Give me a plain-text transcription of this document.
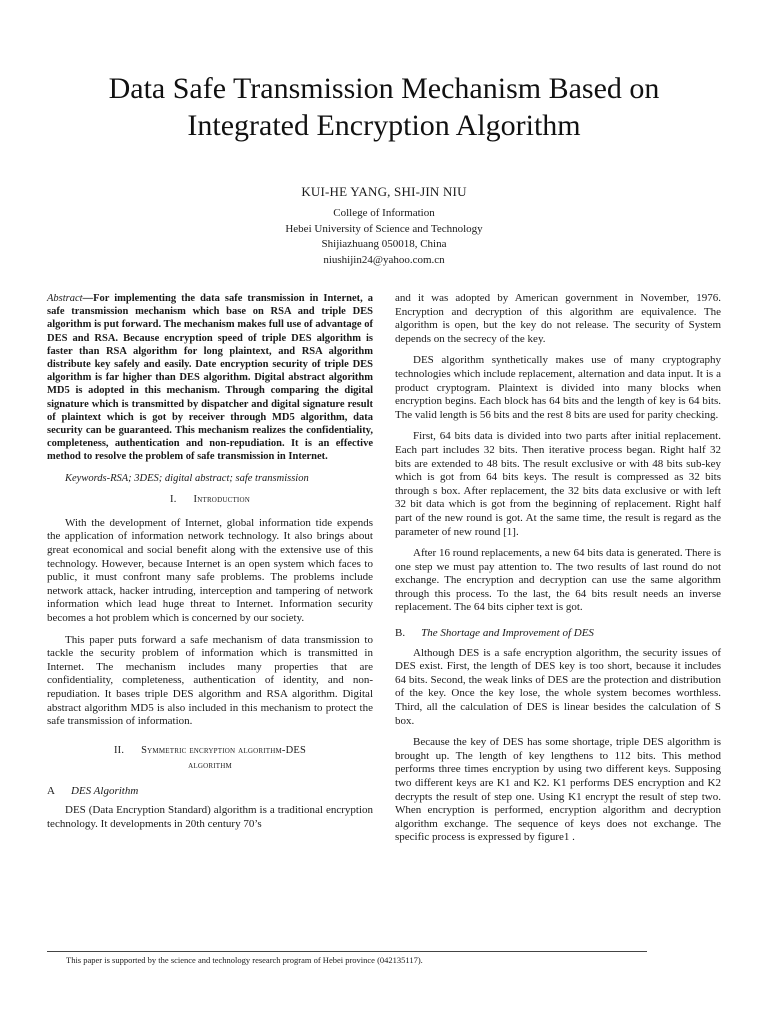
Data Safe Transmission Mechanism Based on
Integrated Encryption Algorithm
KUI-HE YANG, SHI-JIN NIU
College of Information
Hebei University of Science and Technology
Shijiazhuang 050018, China
niushijin24@yahoo.com.cn

Abstract—For implementing the data safe transmission in Internet, a safe transmission mechanism which base on RSA and triple DES algorithm is put forward. The mechanism makes full use of advantage of DES and RSA. Because encryption speed of triple DES algorithm is faster than RSA algorithm for long plaintext, and RSA algorithm distribute key safely and easily. Date encryption security of triple DES algorithm is far higher than DES algorithm. Digital abstract algorithm MD5 is adopted in this mechanism. Through comparing the digital signature which is transmitted by dispatcher and digital signature result of plaintext which is got by receiver through MD5 algorithm, data security can be guaranteed. This mechanism realizes the confidentiality, completeness, authentication and non-repudiation. It is an effective method to resolve the problem of safe transmission in Internet.

Keywords-RSA; 3DES; digital abstract; safe transmission

I. Introduction

With the development of Internet, global information tide expends the application of information network technology. It also brings about great economical and social benefit along with the extensive use of this technology. However, because Internet is an open system which faces to public, it must confront many safe problems. The problems include network attack, hacker intruding, interception and tampering of network information which lead huge threat to Internet. Information security becomes a hot problem which is concerned by our society.

This paper puts forward a safe mechanism of data transmission to tackle the security problem of information which is transmitted in Internet. The mechanism includes many properties that are confidentiality, completeness, authentication of identity, and non-repudiation. It bases triple DES algorithm and RSA algorithm. Digital abstract algorithm MD5 is also included in this mechanism to protect the safe transmission of information.

II. Symmetric encryption algorithm-DES
algorithm
A DES Algorithm

DES (Data Encryption Standard) algorithm is a traditional encryption technology. It developments in 20th century 70’s

and it was adopted by American government in November, 1976. Encryption and decryption of this algorithm are equivalence. The algorithm is open, but the key do not release. The security of System depends on the secrecy of the key.

DES algorithm synthetically makes use of many cryptography technologies which include replacement, alternation and data input. It is a product cryptogram. Plaintext is divided into many blocks when encryption begins. Each block has 64 bits and the length of key is 64 bits. The valid length is 56 bits and the rest 8 bits are used for parity checking.

First, 64 bits data is divided into two parts after initial replacement. Each part includes 32 bits. Then iterative process began. Right half 32 bits are extended to 48 bits. The result exclusive or with 48 bits sub-key which is got from 64 bits keys. The result is compressed as 32 bits through s box. After replacement, the 32 bits data exclusive or with left 32 bit data which is got from the beginning of replacement. Right half part of the new round is got. At the same time, the result is regard as the parameter of new round [1].

After 16 round replacements, a new 64 bits data is generated. There is one step we must pay attention to. The two results of last round do not exchange. The encryption and decryption can use the same algorithm through this process. To the last, the 64 bits result needs an inverse replacement. The 64 bits cipher text is got.

B. The Shortage and Improvement of DES

Although DES is a safe encryption algorithm, the security issues of DES exist. First, the length of DES key is too short, because it includes 64 bits. Second, the weak links of DES are the protection and distribution of the key. Once the key lose, the whole system becomes worthless. Third, all the calculation of DES is linear besides the calculation of S box.

Because the key of DES has some shortage, triple DES algorithm is brought up. The length of key lengthens to 112 bits. This method performs three times encryption by using two different keys. Supposing two different keys are K1 and K2. K1 performs DES encryption and K2 decrypts the result of step one. Using K1 encrypt the result of step two. When encryption is performed, encryption algorithm and decryption algorithm exchange. The sequence of keys does not exchange. The specific process is expressed by figure1 .

This paper is supported by the science and technology research program of Hebei province (042135117).
